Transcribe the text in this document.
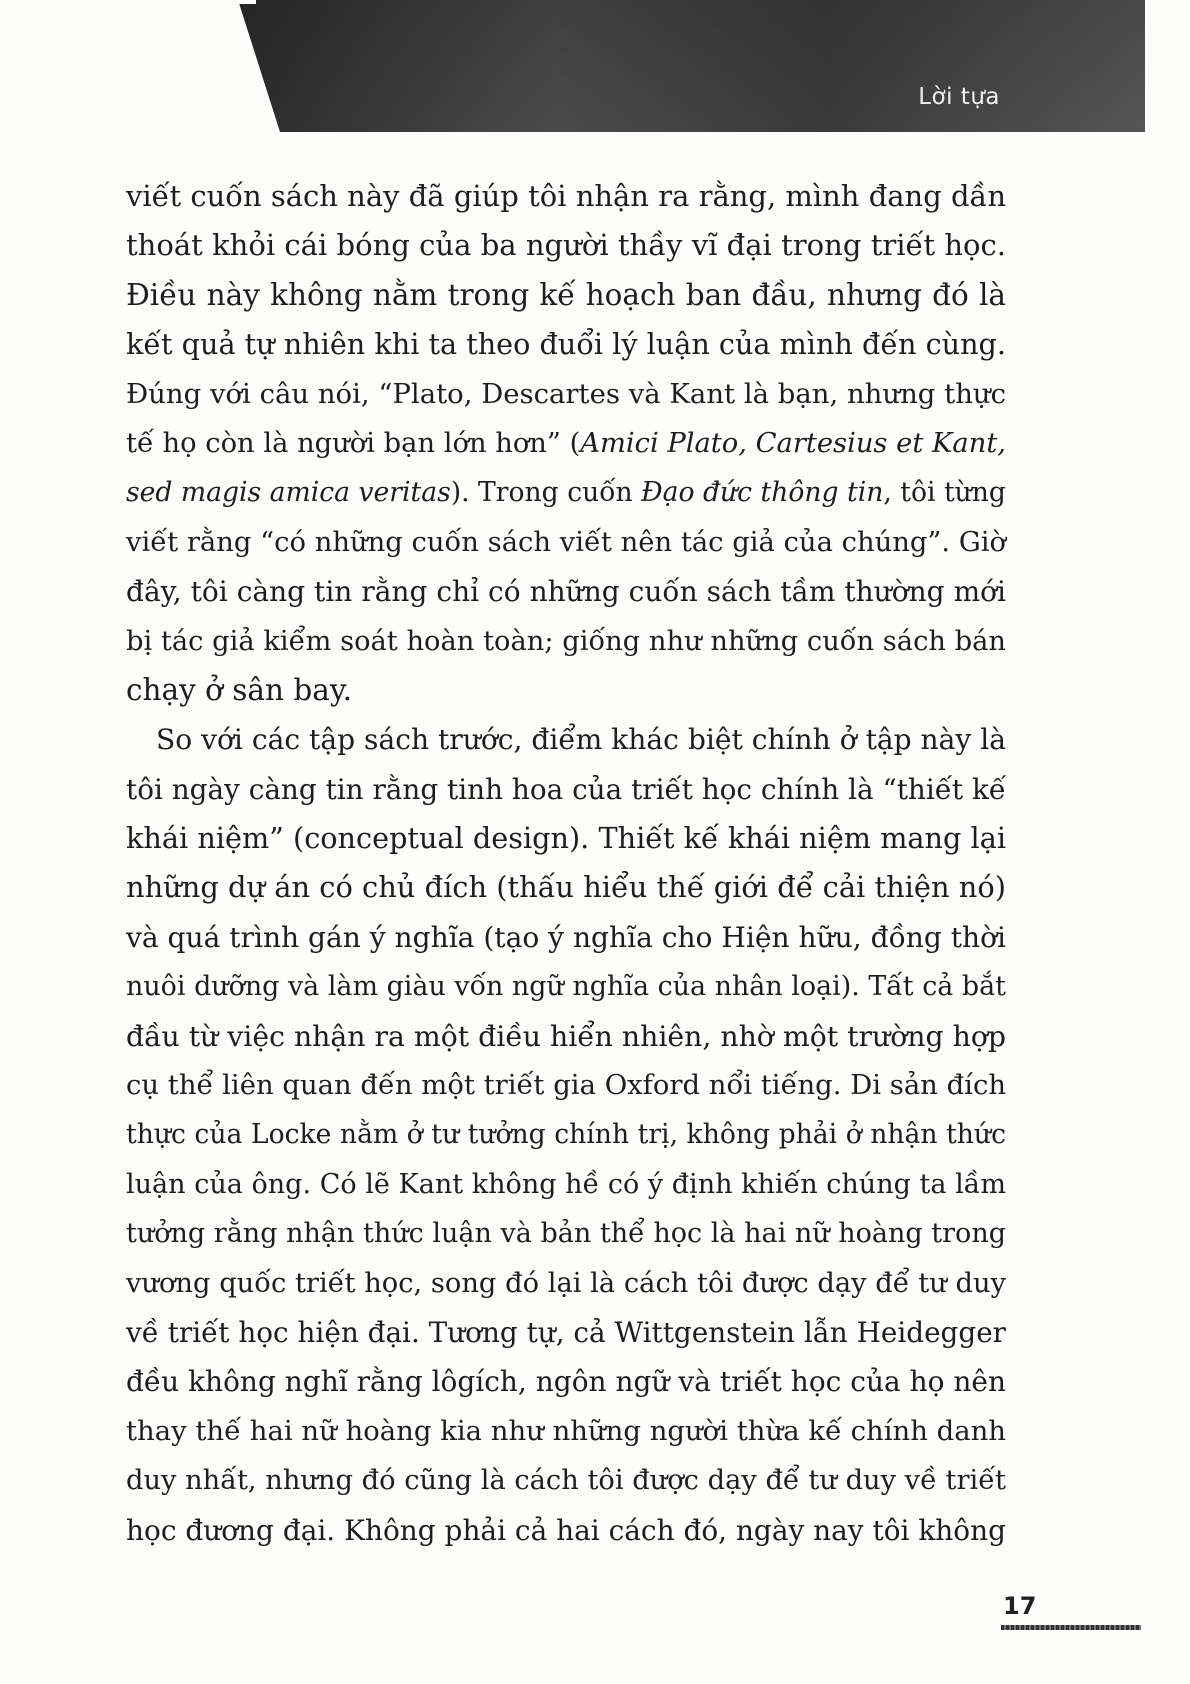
Lời tựa
viết cuốn sách này đã giúp tôi nhận ra rằng, mình đang dần
thoát khỏi cái bóng của ba người thầy vĩ đại trong triết học.
Điều này không nằm trong kế hoạch ban đầu, nhưng đó là
kết quả tự nhiên khi ta theo đuổi lý luận của mình đến cùng.
Đúng với câu nói, “Plato, Descartes và Kant là bạn, nhưng thực
tế họ còn là người bạn lớn hơn” (Amici Plato, Cartesius et Kant,
sed magis amica veritas). Trong cuốn Đạo đức thông tin, tôi từng
viết rằng “có những cuốn sách viết nên tác giả của chúng”. Giờ
đây, tôi càng tin rằng chỉ có những cuốn sách tầm thường mới
bị tác giả kiểm soát hoàn toàn; giống như những cuốn sách bán
chạy ở sân bay.
So với các tập sách trước, điểm khác biệt chính ở tập này là
tôi ngày càng tin rằng tinh hoa của triết học chính là “thiết kế
khái niệm” (conceptual design). Thiết kế khái niệm mang lại
những dự án có chủ đích (thấu hiểu thế giới để cải thiện nó)
và quá trình gán ý nghĩa (tạo ý nghĩa cho Hiện hữu, đồng thời
nuôi dưỡng và làm giàu vốn ngữ nghĩa của nhân loại). Tất cả bắt
đầu từ việc nhận ra một điều hiển nhiên, nhờ một trường hợp
cụ thể liên quan đến một triết gia Oxford nổi tiếng. Di sản đích
thực của Locke nằm ở tư tưởng chính trị, không phải ở nhận thức
luận của ông. Có lẽ Kant không hề có ý định khiến chúng ta lầm
tưởng rằng nhận thức luận và bản thể học là hai nữ hoàng trong
vương quốc triết học, song đó lại là cách tôi được dạy để tư duy
về triết học hiện đại. Tương tự, cả Wittgenstein lẫn Heidegger
đều không nghĩ rằng lôgích, ngôn ngữ và triết học của họ nên
thay thế hai nữ hoàng kia như những người thừa kế chính danh
duy nhất, nhưng đó cũng là cách tôi được dạy để tư duy về triết
học đương đại. Không phải cả hai cách đó, ngày nay tôi không
17
